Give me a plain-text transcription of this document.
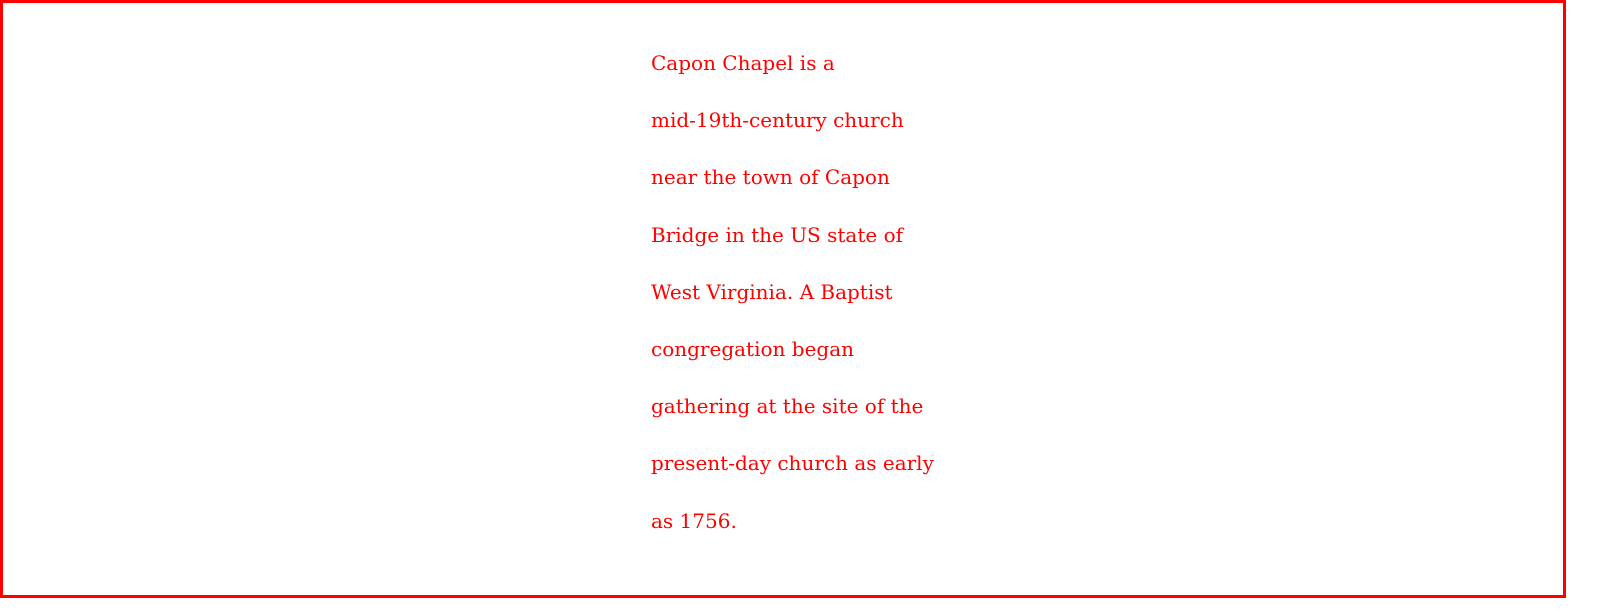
Capon Chapel is a
mid-19th-century church
near the town of Capon
Bridge in the US state of
West Virginia. A Baptist
congregation began
gathering at the site of the
present-day church as early
as 1756.
